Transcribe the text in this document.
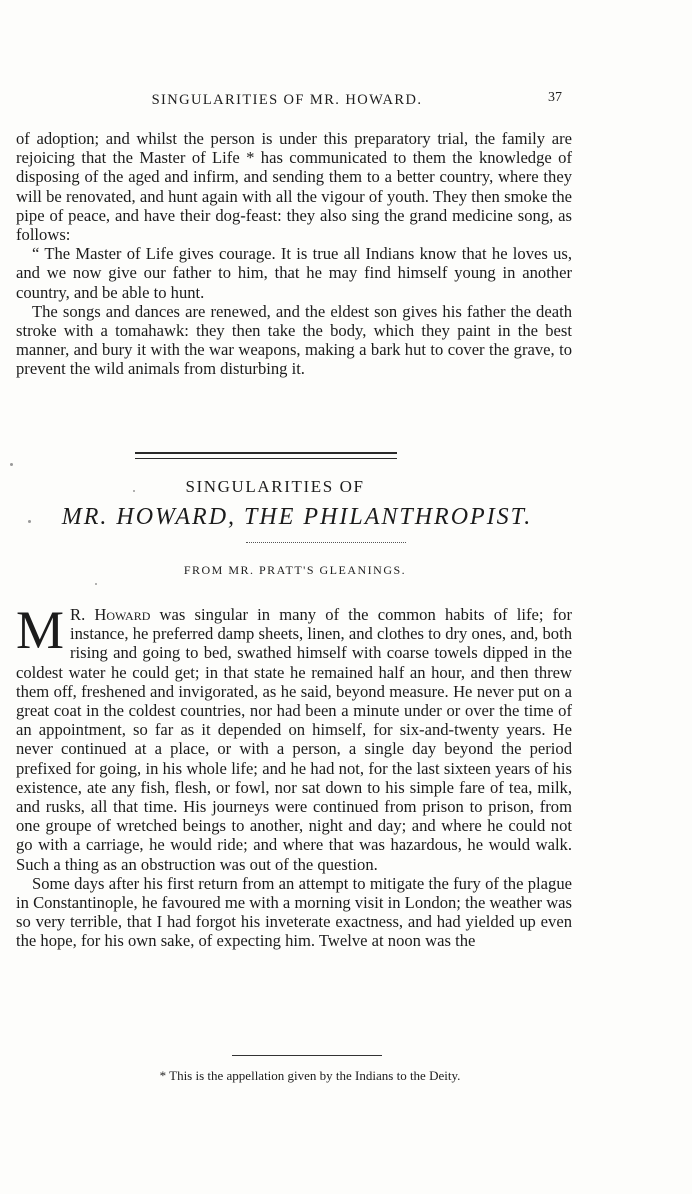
SINGULARITIES OF MR. HOWARD.	37

of adoption; and whilst the person is under this preparatory trial, the family are rejoicing that the Master of Life * has communicated to them the knowledge of disposing of the aged and infirm, and sending them to a better country, where they will be renovated, and hunt again with all the vigour of youth. They then smoke the pipe of peace, and have their dog-feast: they also sing the grand medicine song, as follows:

“ The Master of Life gives courage. It is true all Indians know that he loves us, and we now give our father to him, that he may find himself young in another country, and be able to hunt.

The songs and dances are renewed, and the eldest son gives his father the death stroke with a tomahawk: they then take the body, which they paint in the best manner, and bury it with the war weapons, making a bark hut to cover the grave, to prevent the wild animals from disturbing it.

SINGULARITIES OF
MR. HOWARD, THE PHILANTHROPIST.
FROM MR. PRATT'S GLEANINGS.

M R. Howard was singular in many of the common habits of life; for instance, he preferred damp sheets, linen, and clothes to dry ones, and, both rising and going to bed, swathed himself with coarse towels dipped in the coldest water he could get; in that state he remained half an hour, and then threw them off, freshened and invigorated, as he said, beyond measure. He never put on a great coat in the coldest countries, nor had been a minute under or over the time of an appointment, so far as it depended on himself, for six-and-twenty years. He never continued at a place, or with a person, a single day beyond the period prefixed for going, in his whole life; and he had not, for the last sixteen years of his existence, ate any fish, flesh, or fowl, nor sat down to his simple fare of tea, milk, and rusks, all that time. His journeys were continued from prison to prison, from one groupe of wretched beings to another, night and day; and where he could not go with a carriage, he would ride; and where that was hazardous, he would walk. Such a thing as an obstruction was out of the question.

Some days after his first return from an attempt to mitigate the fury of the plague in Constantinople, he favoured me with a morning visit in London; the weather was so very terrible, that I had forgot his inveterate exactness, and had yielded up even the hope, for his own sake, of expecting him. Twelve at noon was the

* This is the appellation given by the Indians to the Deity.
